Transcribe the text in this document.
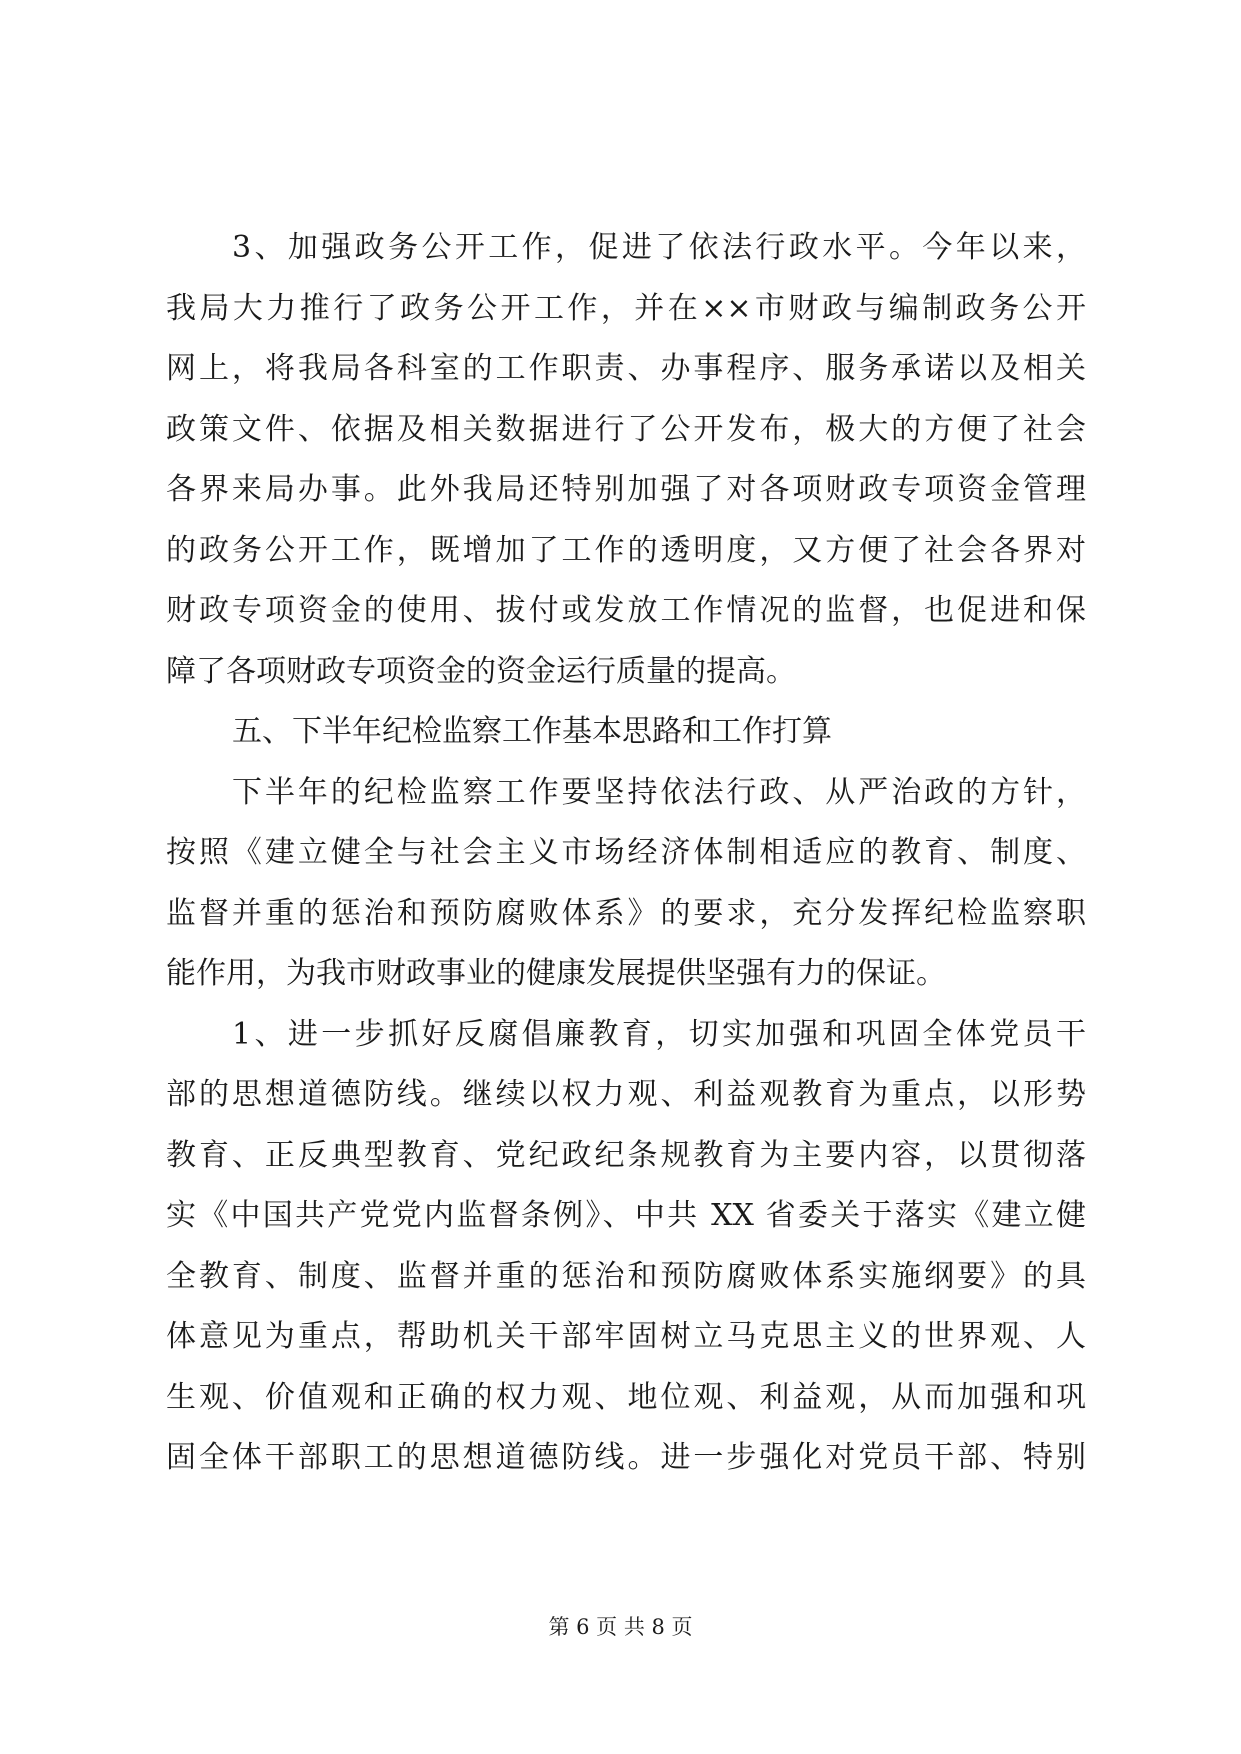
3、加强政务公开工作，促进了依法行政水平。今年以来，
我局大力推行了政务公开工作，并在××市财政与编制政务公开
网上，将我局各科室的工作职责、办事程序、服务承诺以及相关
政策文件、依据及相关数据进行了公开发布，极大的方便了社会
各界来局办事。此外我局还特别加强了对各项财政专项资金管理
的政务公开工作，既增加了工作的透明度，又方便了社会各界对
财政专项资金的使用、拔付或发放工作情况的监督，也促进和保
障了各项财政专项资金的资金运行质量的提高。
五、下半年纪检监察工作基本思路和工作打算
下半年的纪检监察工作要坚持依法行政、从严治政的方针，
按照《建立健全与社会主义市场经济体制相适应的教育、制度、
监督并重的惩治和预防腐败体系》的要求，充分发挥纪检监察职
能作用，为我市财政事业的健康发展提供坚强有力的保证。
1、进一步抓好反腐倡廉教育，切实加强和巩固全体党员干
部的思想道德防线。继续以权力观、利益观教育为重点，以形势
教育、正反典型教育、党纪政纪条规教育为主要内容，以贯彻落
实《中国共产党党内监督条例》、中共 XX 省委关于落实《建立健
全教育、制度、监督并重的惩治和预防腐败体系实施纲要》的具
体意见为重点，帮助机关干部牢固树立马克思主义的世界观、人
生观、价值观和正确的权力观、地位观、利益观，从而加强和巩
固全体干部职工的思想道德防线。进一步强化对党员干部、特别
第 6 页 共 8 页
